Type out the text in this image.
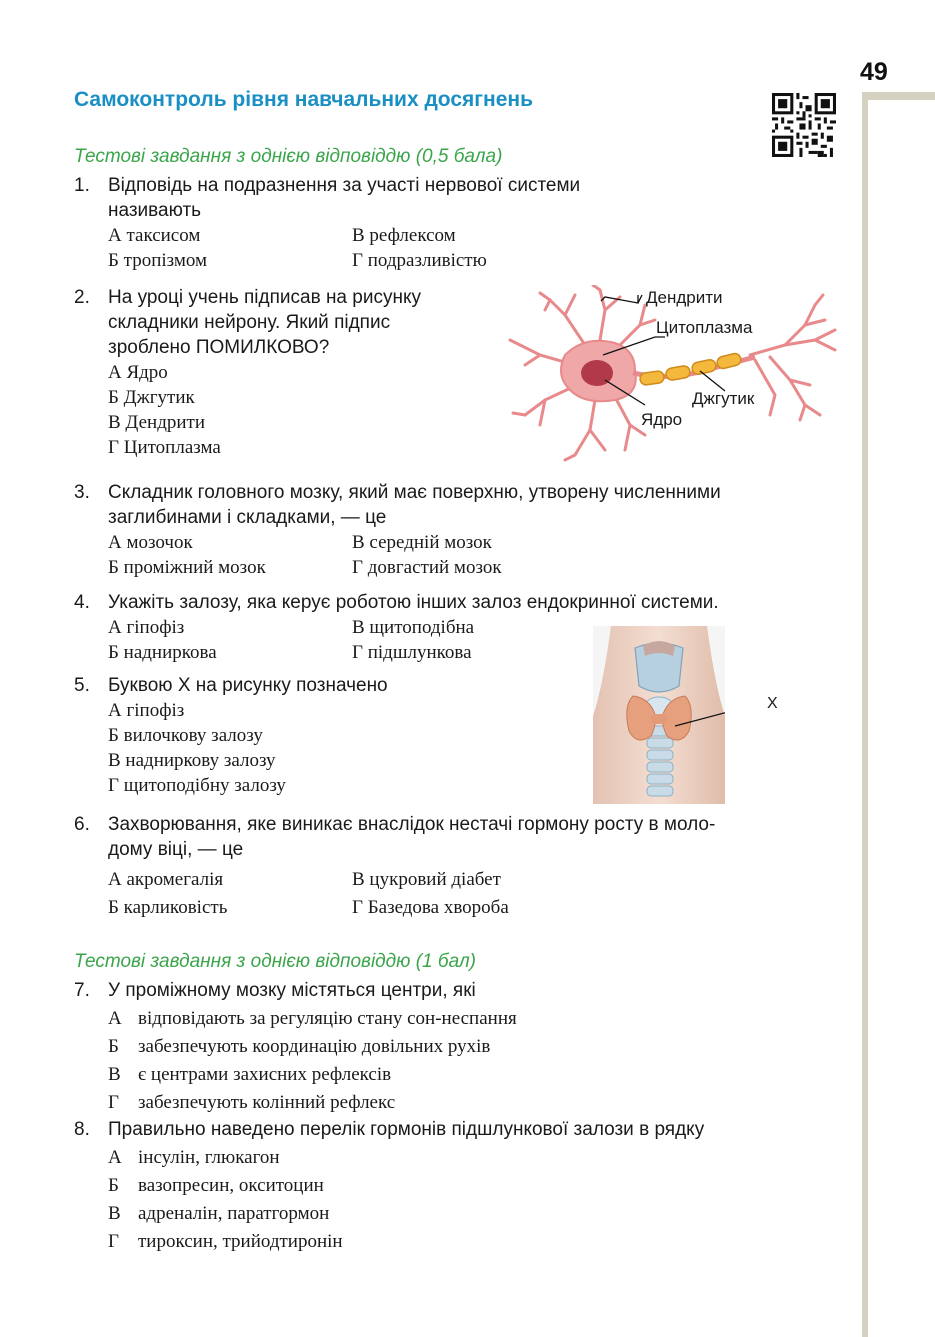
49
Самоконтроль рівня навчальних досягнень
Тестові завдання з однією відповіддю (0,5 бала)
1. Відповідь на подразнення за участі нервової системи
називають
А таксисом
Б тропізмом
В рефлексом
Г подразливістю
2. На уроці учень підписав на рисунку
складники нейрону. Який підпис
зроблено ПОМИЛКОВО?
А Ядро
Б Джгутик
В Дендрити
Г Цитоплазма
Дендрити
Цитоплазма
Джгутик
Ядро
3. Складник головного мозку, який має поверхню, утворену численними
заглибинами і складками, — це
А мозочок
Б проміжний мозок
В середній мозок
Г довгастий мозок
4. Укажіть залозу, яка керує роботою інших залоз ендокринної системи.
А гіпофіз
Б надниркова
В щитоподібна
Г підшлункова
Х
5. Буквою Х на рисунку позначено
А гіпофіз
Б вилочкову залозу
В надниркову залозу
Г щитоподібну залозу
6. Захворювання, яке виникає внаслідок нестачі гормону росту в моло-
дому віці, — це
А акромегалія
Б карликовість
В цукровий діабет
Г Базедова хвороба
Тестові завдання з однією відповіддю (1 бал)
7. У проміжному мозку містяться центри, які
А відповідають за регуляцію стану сон-неспання
Б забезпечують координацію довільних рухів
В є центрами захисних рефлексів
Г забезпечують колінний рефлекс
8. Правильно наведено перелік гормонів підшлункової залози в рядку
А інсулін, глюкагон
Б вазопресин, окситоцин
В адреналін, паратгормон
Г тироксин, трийодтиронін
